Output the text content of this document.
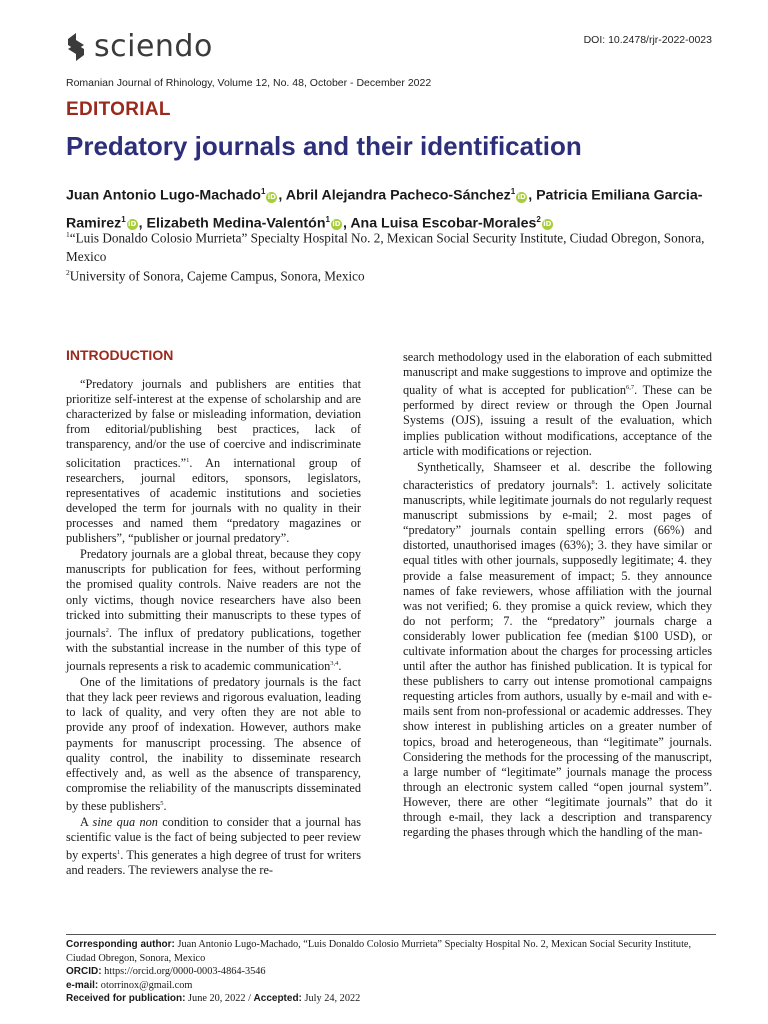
sciendo	DOI: 10.2478/rjr-2022-0023
Romanian Journal of Rhinology, Volume 12, No. 48, October - December 2022
EDITORIAL
Predatory journals and their identification
Juan Antonio Lugo-Machado$^1$iD , Abril Alejandra Pacheco-Sánchez$^1$iD , Patricia Emiliana Garcia-Ramirez$^1$iD , Elizabeth Medina-Valentón$^1$iD , Ana Luisa Escobar-Morales$^2$iD
$^1$“Luis Donaldo Colosio Murrieta” Specialty Hospital No. 2, Mexican Social Security Institute, Ciudad Obregon, Sonora, Mexico
$^2$University of Sonora, Cajeme Campus, Sonora, Mexico
INTRODUCTION

“Predatory journals and publishers are entities that prioritize self-interest at the expense of scholarship and are characterized by false or misleading information, deviation from editorial/publishing best practices, lack of transparency, and/or the use of coercive and indiscriminate solicitation practices.”$^1$. An international group of researchers, journal editors, sponsors, legislators, representatives of academic institutions and societies developed the term for journals with no quality in their processes and named them “predatory magazines or publishers”, “publisher or journal predatory”.

Predatory journals are a global threat, because they copy manuscripts for publication for fees, without performing the promised quality controls. Naive readers are not the only victims, though novice researchers have also been tricked into submitting their manuscripts to these types of journals$^2$. The influx of predatory publications, together with the substantial increase in the number of this type of journals represents a risk to academic communication$^{3,4}$.

One of the limitations of predatory journals is the fact that they lack peer reviews and rigorous evaluation, leading to lack of quality, and very often they are not able to provide any proof of indexation. However, authors make payments for manuscript processing. The absence of quality control, the inability to disseminate research effectively and, as well as the absence of transparency, compromise the reliability of the manuscripts disseminated by these publishers$^5$.

A sine qua non condition to consider that a journal has scientific value is the fact of being subjected to peer review by experts$^1$. This generates a high degree of trust for writers and readers. The reviewers analyse the re-

search methodology used in the elaboration of each submitted manuscript and make suggestions to improve and optimize the quality of what is accepted for publication$^{6,7}$. These can be performed by direct review or through the Open Journal Systems (OJS), issuing a result of the evaluation, which implies publication without modifications, acceptance of the article with modifications or rejection.

Synthetically, Shamseer et al. describe the following characteristics of predatory journals$^8$: 1. actively solicitate manuscripts, while legitimate journals do not regularly request manuscript submissions by e-mail; 2. most pages of “predatory” journals contain spelling errors (66%) and distorted, unauthorised images (63%); 3. they have similar or equal titles with other journals, supposedly legitimate; 4. they provide a false measurement of impact; 5. they announce names of fake reviewers, whose affiliation with the journal was not verified; 6. they promise a quick review, which they do not perform; 7. the “predatory” journals charge a considerably lower publication fee (median $100 USD), or cultivate information about the charges for processing articles until after the author has finished publication. It is typical for these publishers to carry out intense promotional campaigns requesting articles from authors, usually by e-mail and with e-mails sent from non-professional or academic addresses. They show interest in publishing articles on a greater number of topics, broad and heterogeneous, than “legitimate” journals. Considering the methods for the processing of the manuscript, a large number of “legitimate” journals manage the process through an electronic system called “open journal system”. However, there are other “legitimate journals” that do it through e-mail, they lack a description and transparency regarding the phases through which the handling of the man-

Corresponding author: Juan Antonio Lugo-Machado, “Luis Donaldo Colosio Murrieta” Specialty Hospital No. 2, Mexican Social Security Institute, Ciudad Obregon, Sonora, Mexico
ORCID: https://orcid.org/0000-0003-4864-3546
e-mail: otorrinox@gmail.com
Received for publication: June 20, 2022 / Accepted: July 24, 2022
